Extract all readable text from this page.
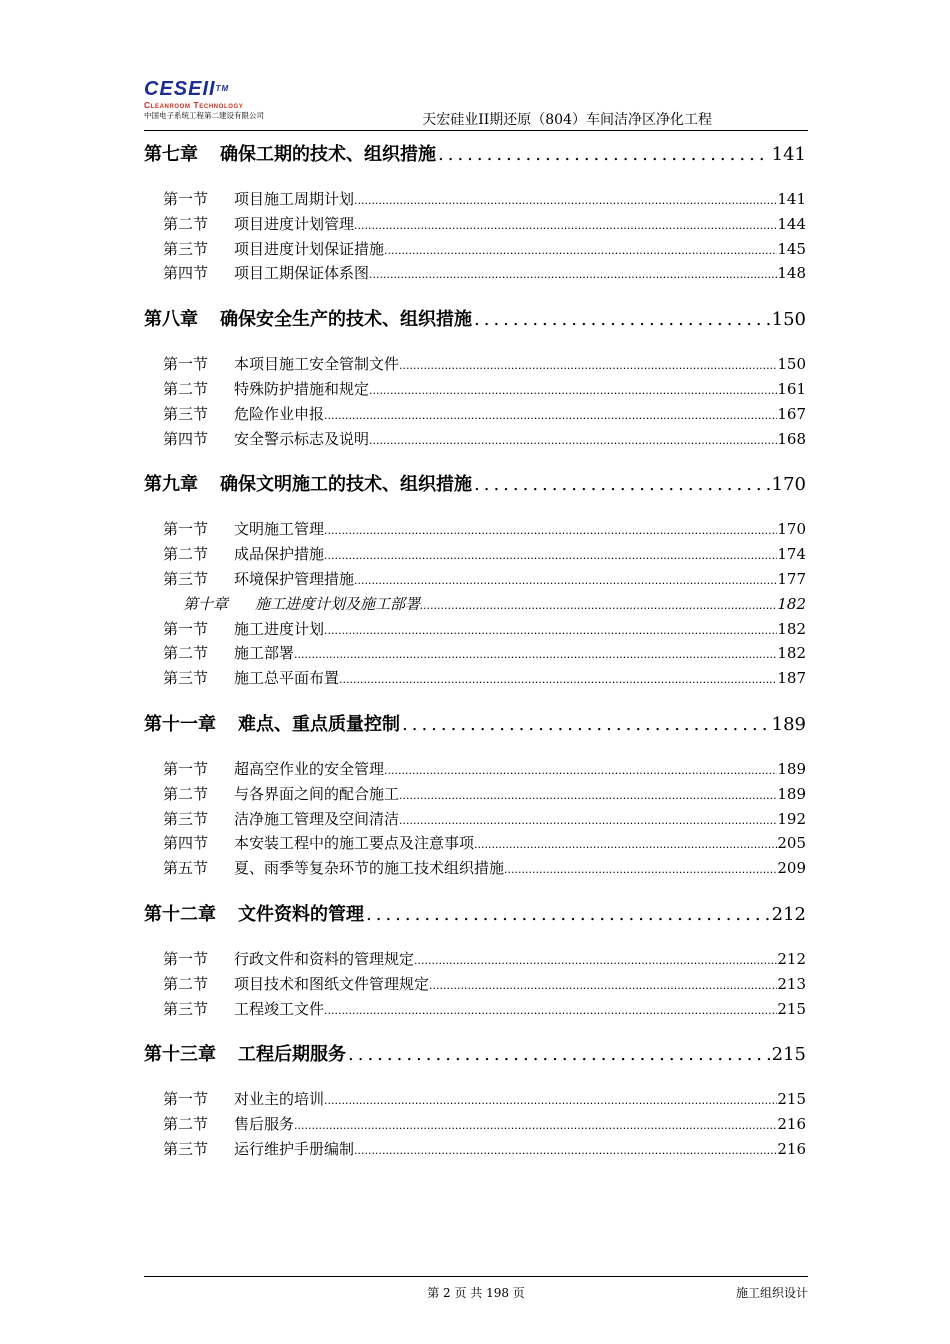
CESEII™
Cleanroom Technology
中国电子系统工程第二建设有限公司	天宏硅业II期还原（804）车间洁净区净化工程
第七章 确保工期的技术、组织措施 .....	141
第一节	项目施工周期计划 .....	141
第二节	项目进度计划管理 .....	144
第三节	项目进度计划保证措施 .....	145
第四节	项目工期保证体系图 .....	148
第八章 确保安全生产的技术、组织措施 .....	150
第一节	本项目施工安全管制文件 .....	150
第二节	特殊防护措施和规定 .....	161
第三节	危险作业申报 .....	167
第四节	安全警示标志及说明 .....	168
第九章 确保文明施工的技术、组织措施 .....	170
第一节	文明施工管理 .....	170
第二节	成品保护措施 .....	174
第三节	环境保护管理措施 .....	177
第十章	施工进度计划及施工部署 .....	182
第一节	施工进度计划 .....	182
第二节	施工部署 .....	182
第三节	施工总平面布置 .....	187
第十一章 难点、重点质量控制 .....	189
第一节	超高空作业的安全管理 .....	189
第二节	与各界面之间的配合施工 .....	189
第三节	洁净施工管理及空间清洁 .....	192
第四节	本安装工程中的施工要点及注意事项 .....	205
第五节	夏、雨季等复杂环节的施工技术组织措施 .....	209
第十二章 文件资料的管理 .....	212
第一节	行政文件和资料的管理规定 .....	212
第二节	项目技术和图纸文件管理规定 .....	213
第三节	工程竣工文件 .....	215
第十三章 工程后期服务 .....	215
第一节	对业主的培训 .....	215
第二节	售后服务 .....	216
第三节	运行维护手册编制 .....	216
第 2 页 共 198 页	施工组织设计
